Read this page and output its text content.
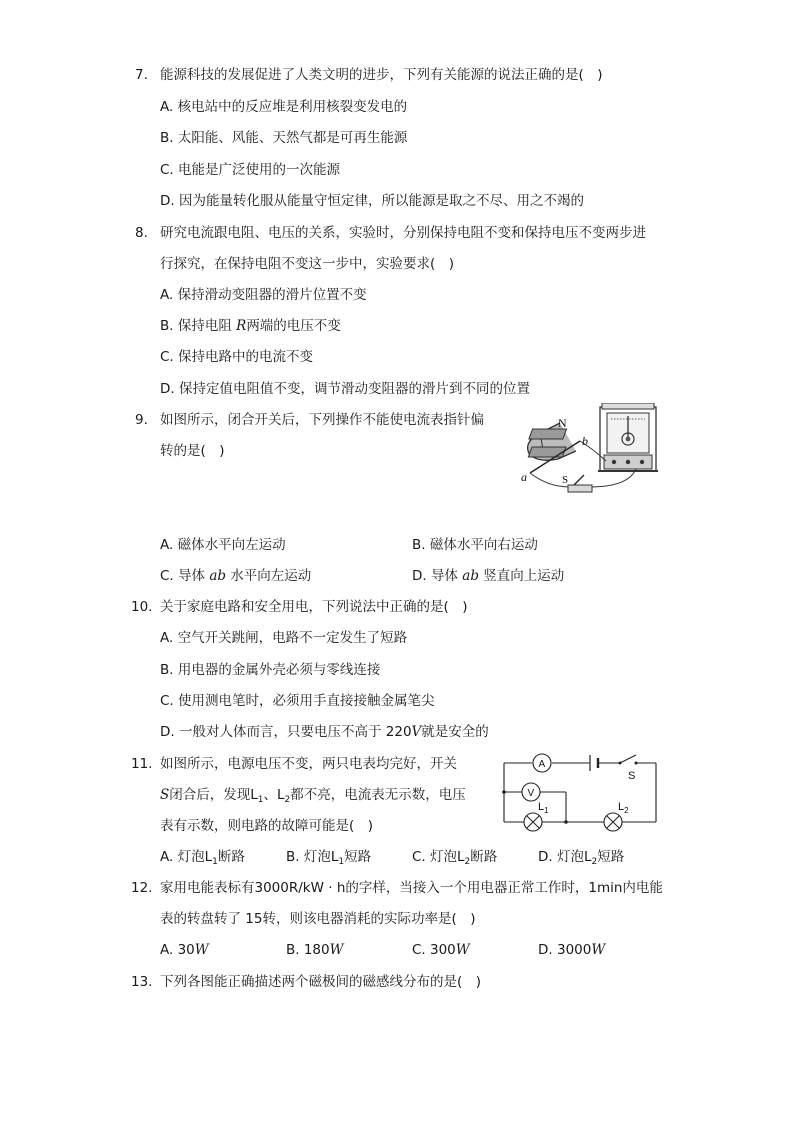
7. 能源科技的发展促进了人类文明的进步，下列有关能源的说法正确的是(　)
A. 核电站中的反应堆是利用核裂变发电的
B. 太阳能、风能、天然气都是可再生能源
C. 电能是广泛使用的一次能源
D. 因为能量转化服从能量守恒定律，所以能源是取之不尽、用之不竭的
8. 研究电流跟电阻、电压的关系，实验时，分别保持电阻不变和保持电压不变两步进
行探究，在保持电阻不变这一步中，实验要求(　)
A. 保持滑动变阻器的滑片位置不变
B. 保持电阻 R两端的电压不变
C. 保持电路中的电流不变
D. 保持定值电阻值不变，调节滑动变阻器的滑片到不同的位置
9. 如图所示，闭合开关后，下列操作不能使电流表指针偏
转的是(　)
N
b
a	S
A. 磁体水平向左运动	B. 磁体水平向右运动
C. 导体 ab 水平向左运动	D. 导体 ab 竖直向上运动
10. 关于家庭电路和安全用电，下列说法中正确的是(　)
A. 空气开关跳闸，电路不一定发生了短路
B. 用电器的金属外壳必须与零线连接
C. 使用测电笔时，必须用手直接接触金属笔尖
D. 一般对人体而言，只要电压不高于 220V就是安全的
11. 如图所示，电源电压不变，两只电表均完好，开关
S闭合后，发现$L_1$、$L_2$都不亮，电流表无示数，电压
表有示数，则电路的故障可能是(　)
A
V
S
$L_1$	$L_2$
A. 灯泡$L_1$断路	B. 灯泡$L_1$短路	C. 灯泡$L_2$断路	D. 灯泡$L_2$短路
12. 家用电能表标有3000R/kW · h的字样，当接入一个用电器正常工作时，1min内电能
表的转盘转了 15转，则该电器消耗的实际功率是(　)
A. 30W	B. 180W	C. 300W	D. 3000W
13. 下列各图能正确描述两个磁极间的磁感线分布的是(　)
